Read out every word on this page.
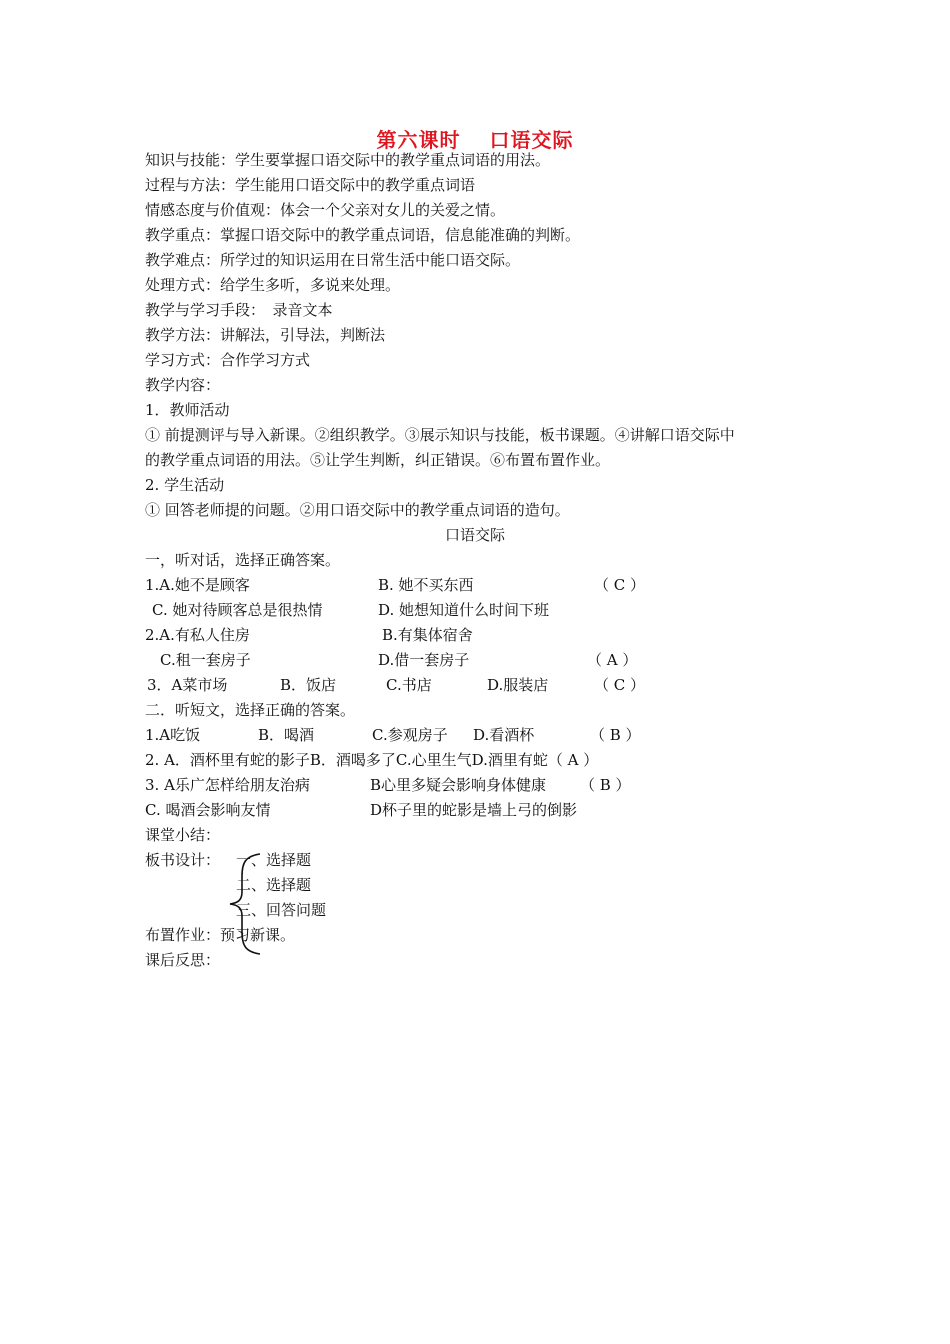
第六课时　 口语交际
知识与技能：学生要掌握口语交际中的教学重点词语的用法。
过程与方法：学生能用口语交际中的教学重点词语
情感态度与价值观：体会一个父亲对女儿的关爱之情。
教学重点：掌握口语交际中的教学重点词语，信息能准确的判断。
教学难点：所学过的知识运用在日常生活中能口语交际。
处理方式：给学生多听，多说来处理。
教学与学习手段：　录音文本
教学方法：讲解法，引导法，判断法
学习方式：合作学习方式
教学内容：
1．教师活动
① 前提测评与导入新课。②组织教学。③展示知识与技能，板书课题。④讲解口语交际中
的教学重点词语的用法。⑤让学生判断，纠正错误。⑥布置布置作业。
2. 学生活动
① 回答老师提的问题。②用口语交际中的教学重点词语的造句。
口语交际
一，听对话，选择正确答案。
1.A.她不是顾客	B. 她不买东西	（ C ）
C. 她对待顾客总是很热情	D. 她想知道什么时间下班
2.A.有私人住房	B.有集体宿舍
C.租一套房子	D.借一套房子	（ A ）
3．A菜市场	B．饭店	C.书店	D.服装店	（ C ）
二．听短文，选择正确的答案。
1.A吃饭	B．喝酒	C.参观房子 D.看酒杯	（ B ）
2. A．酒杯里有蛇的影子B．酒喝多了C.心里生气D.酒里有蛇（ A ）
3. A乐广怎样给朋友治病	B心里多疑会影响身体健康 （ B ）
C. 喝酒会影响友情	D杯子里的蛇影是墙上弓的倒影
课堂小结：
板书设计： 一、选择题
二、选择题
三、回答问题
布置作业：预习新课。
课后反思：
